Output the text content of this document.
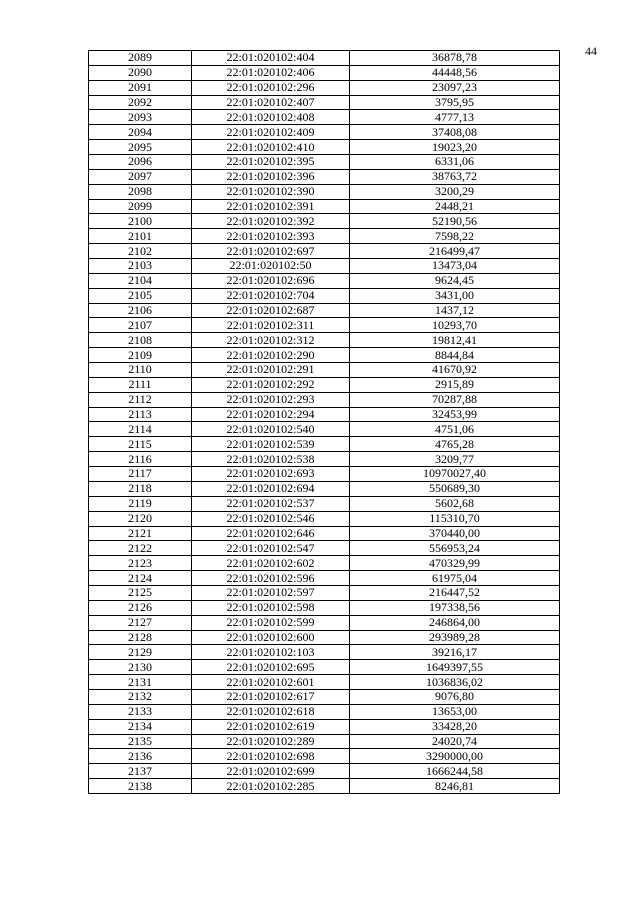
44
2089	22:01:020102:404	36878,78
2090	22:01:020102:406	44448,56
2091	22:01:020102:296	23097,23
2092	22:01:020102:407	3795,95
2093	22:01:020102:408	4777,13
2094	22:01:020102:409	37408,08
2095	22:01:020102:410	19023,20
2096	22:01:020102:395	6331,06
2097	22:01:020102:396	38763,72
2098	22:01:020102:390	3200,29
2099	22:01:020102:391	2448,21
2100	22:01:020102:392	52190,56
2101	22:01:020102:393	7598,22
2102	22:01:020102:697	216499,47
2103	22:01:020102:50	13473,04
2104	22:01:020102:696	9624,45
2105	22:01:020102:704	3431,00
2106	22:01:020102:687	1437,12
2107	22:01:020102:311	10293,70
2108	22:01:020102:312	19812,41
2109	22:01:020102:290	8844,84
2110	22:01:020102:291	41670,92
2111	22:01:020102:292	2915,89
2112	22:01:020102:293	70287,88
2113	22:01:020102:294	32453,99
2114	22:01:020102:540	4751,06
2115	22:01:020102:539	4765,28
2116	22:01:020102:538	3209,77
2117	22:01:020102:693	10970027,40
2118	22:01:020102:694	550689,30
2119	22:01:020102:537	5602,68
2120	22:01:020102:546	115310,70
2121	22:01:020102:646	370440,00
2122	22:01:020102:547	556953,24
2123	22:01:020102:602	470329,99
2124	22:01:020102:596	61975,04
2125	22:01:020102:597	216447,52
2126	22:01:020102:598	197338,56
2127	22:01:020102:599	246864,00
2128	22:01:020102:600	293989,28
2129	22:01:020102:103	39216,17
2130	22:01:020102:695	1649397,55
2131	22:01:020102:601	1036836,02
2132	22:01:020102:617	9076,80
2133	22:01:020102:618	13653,00
2134	22:01:020102:619	33428,20
2135	22:01:020102:289	24020,74
2136	22:01:020102:698	3290000,00
2137	22:01:020102:699	1666244,58
2138	22:01:020102:285	8246,81
